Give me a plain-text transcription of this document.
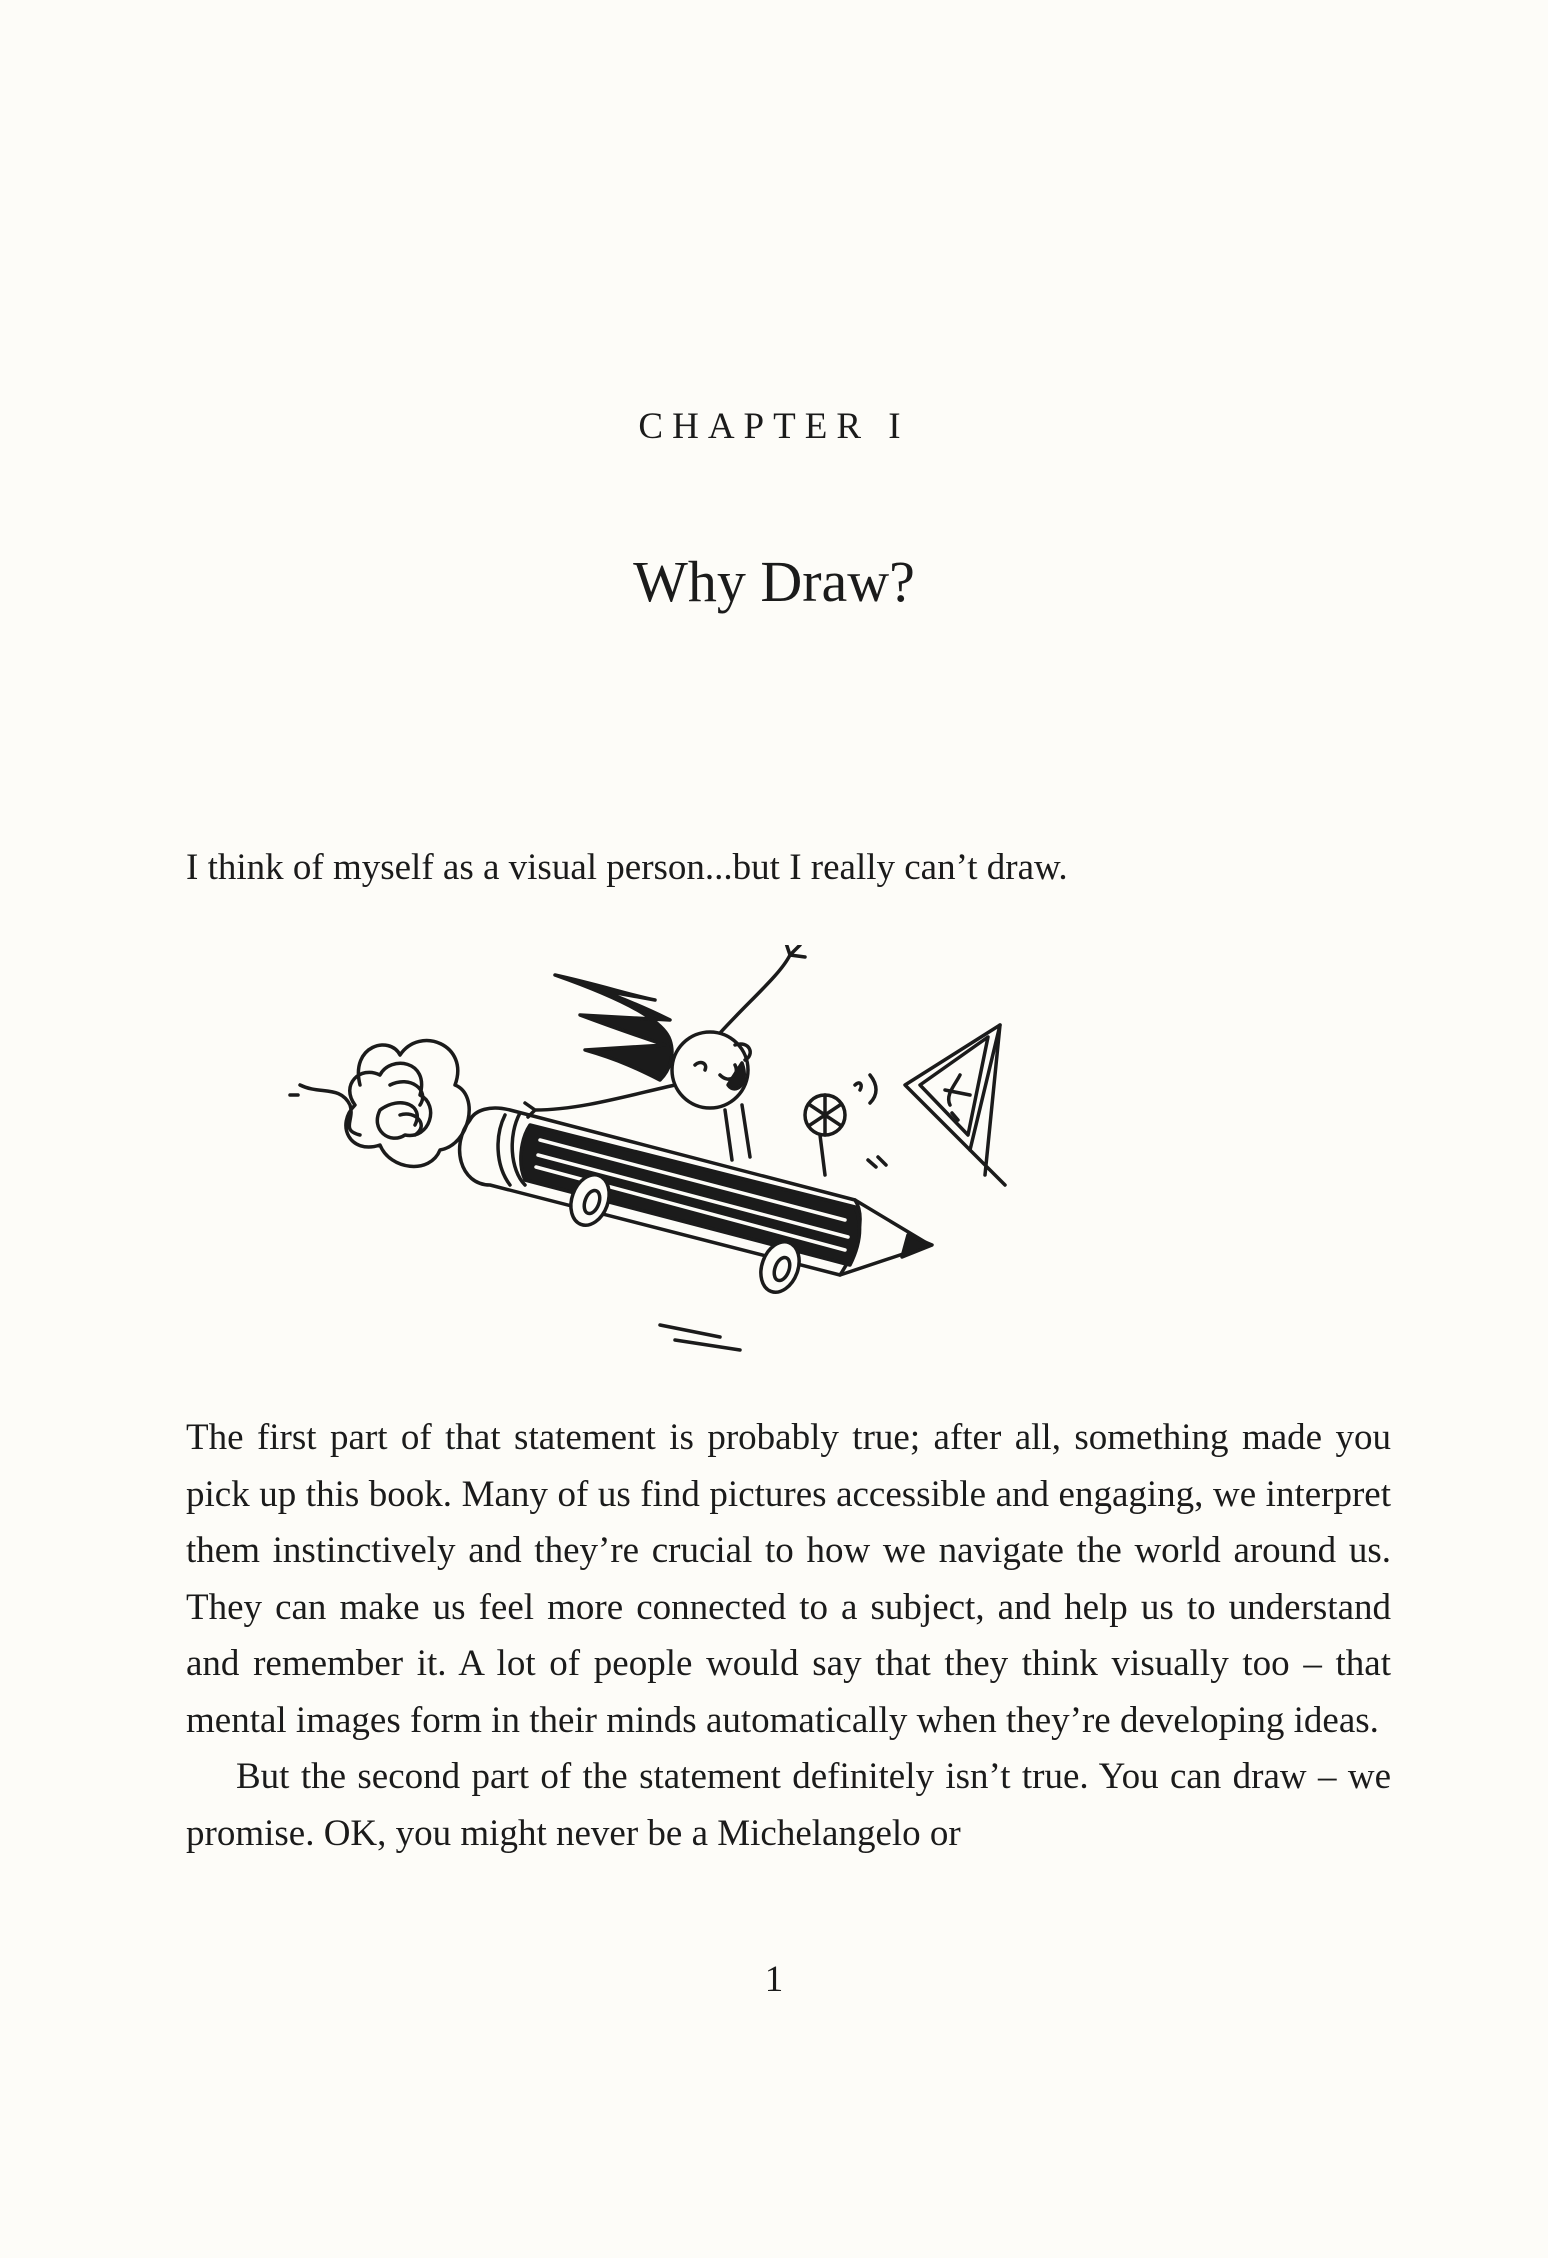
CHAPTER I
Why Draw?
I think of myself as a visual person...but I really can’t draw.

The first part of that statement is probably true; after all, something made you pick up this book. Many of us find pictures accessible and engaging, we interpret them instinctively and they’re crucial to how we navigate the world around us. They can make us feel more connected to a subject, and help us to understand and remember it. A lot of people would say that they think visually too – that mental images form in their minds automatically when they’re developing ideas.

But the second part of the statement definitely isn’t true. You can draw – we promise. OK, you might never be a Michelangelo or

1
